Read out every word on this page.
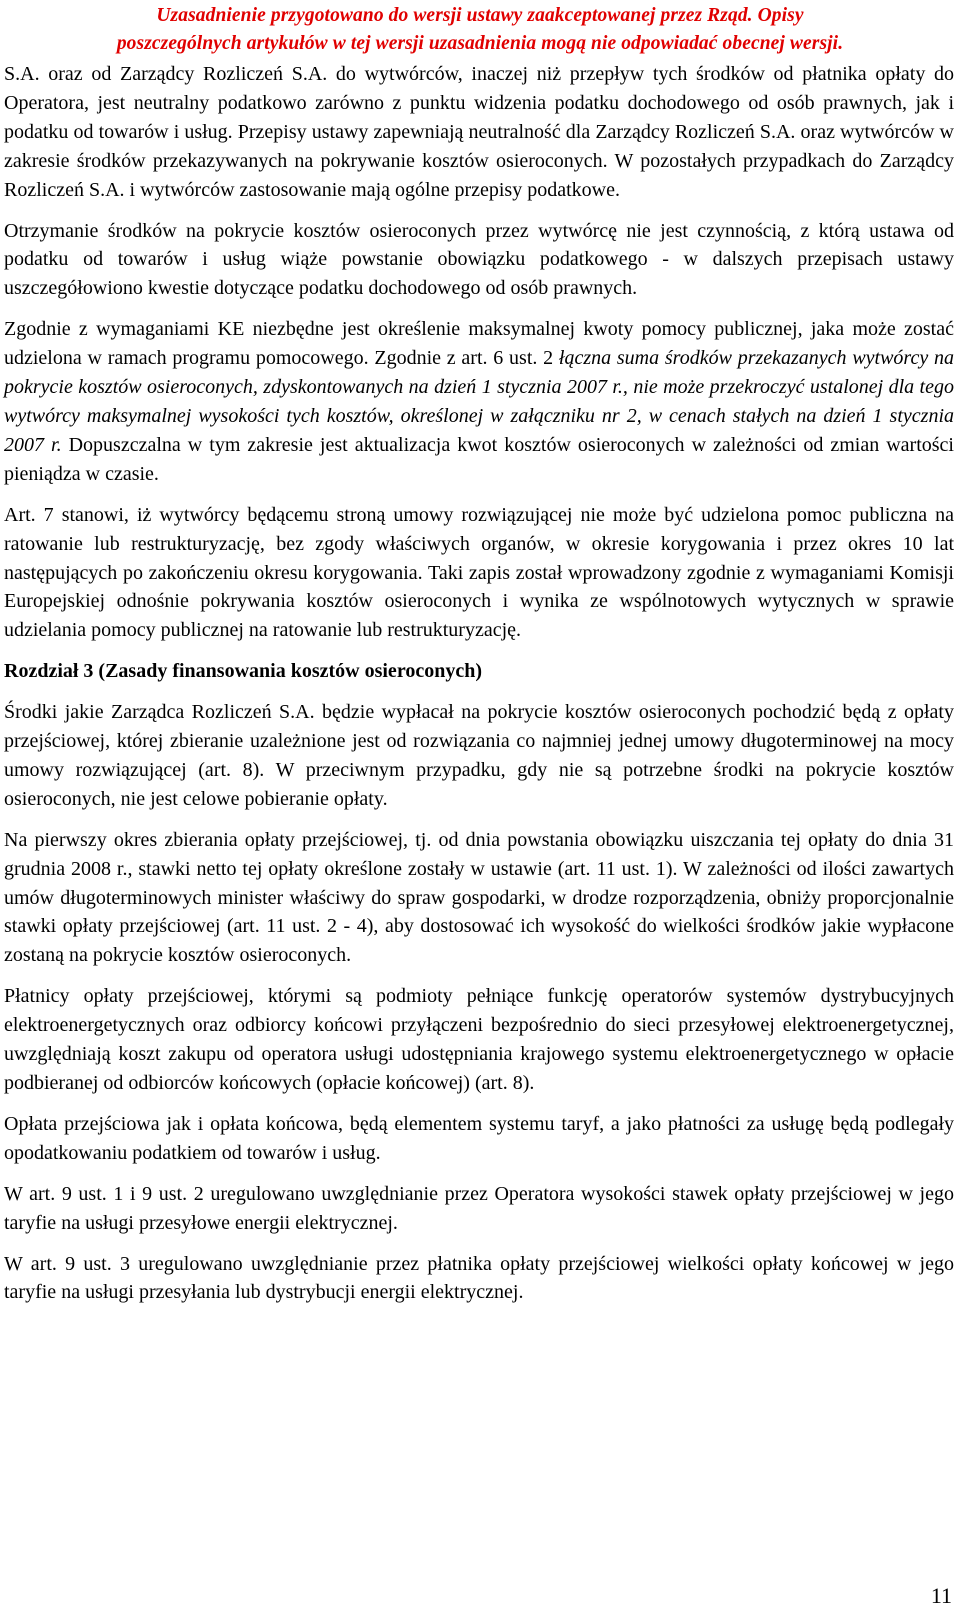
Uzasadnienie przygotowano do wersji ustawy zaakceptowanej przez Rząd. Opisy
poszczególnych artykułów w tej wersji uzasadnienia mogą nie odpowiadać obecnej wersji.

S.A. oraz od Zarządcy Rozliczeń S.A. do wytwórców, inaczej niż przepływ tych środków od płatnika opłaty do Operatora, jest neutralny podatkowo zarówno z punktu widzenia podatku dochodowego od osób prawnych, jak i podatku od towarów i usług. Przepisy ustawy zapewniają neutralność dla Zarządcy Rozliczeń S.A. oraz wytwórców w zakresie środków przekazywanych na pokrywanie kosztów osieroconych. W pozostałych przypadkach do Zarządcy Rozliczeń S.A. i wytwórców zastosowanie mają ogólne przepisy podatkowe.

Otrzymanie środków na pokrycie kosztów osieroconych przez wytwórcę nie jest czynnością, z którą ustawa od podatku od towarów i usług wiąże powstanie obowiązku podatkowego - w dalszych przepisach ustawy uszczegółowiono kwestie dotyczące podatku dochodowego od osób prawnych.

Zgodnie z wymaganiami KE niezbędne jest określenie maksymalnej kwoty pomocy publicznej, jaka może zostać udzielona w ramach programu pomocowego. Zgodnie z art. 6 ust. 2 łączna suma środków przekazanych wytwórcy na pokrycie kosztów osieroconych, zdyskontowanych na dzień 1 stycznia 2007 r., nie może przekroczyć ustalonej dla tego wytwórcy maksymalnej wysokości tych kosztów, określonej w załączniku nr 2, w cenach stałych na dzień 1 stycznia 2007 r. Dopuszczalna w tym zakresie jest aktualizacja kwot kosztów osieroconych w zależności od zmian wartości pieniądza w czasie.

Art. 7 stanowi, iż wytwórcy będącemu stroną umowy rozwiązującej nie może być udzielona pomoc publiczna na ratowanie lub restrukturyzację, bez zgody właściwych organów, w okresie korygowania i przez okres 10 lat następujących po zakończeniu okresu korygowania. Taki zapis został wprowadzony zgodnie z wymaganiami Komisji Europejskiej odnośnie pokrywania kosztów osieroconych i wynika ze wspólnotowych wytycznych w sprawie udzielania pomocy publicznej na ratowanie lub restrukturyzację.

Rozdział 3 (Zasady finansowania kosztów osieroconych)

Środki jakie Zarządca Rozliczeń S.A. będzie wypłacał na pokrycie kosztów osieroconych pochodzić będą z opłaty przejściowej, której zbieranie uzależnione jest od rozwiązania co najmniej jednej umowy długoterminowej na mocy umowy rozwiązującej (art. 8). W przeciwnym przypadku, gdy nie są potrzebne środki na pokrycie kosztów osieroconych, nie jest celowe pobieranie opłaty.

Na pierwszy okres zbierania opłaty przejściowej, tj. od dnia powstania obowiązku uiszczania tej opłaty do dnia 31 grudnia 2008 r., stawki netto tej opłaty określone zostały w ustawie (art. 11 ust. 1). W zależności od ilości zawartych umów długoterminowych minister właściwy do spraw gospodarki, w drodze rozporządzenia, obniży proporcjonalnie stawki opłaty przejściowej (art. 11 ust. 2 - 4), aby dostosować ich wysokość do wielkości środków jakie wypłacone zostaną na pokrycie kosztów osieroconych.

Płatnicy opłaty przejściowej, którymi są podmioty pełniące funkcję operatorów systemów dystrybucyjnych elektroenergetycznych oraz odbiorcy końcowi przyłączeni bezpośrednio do sieci przesyłowej elektroenergetycznej, uwzględniają koszt zakupu od operatora usługi udostępniania krajowego systemu elektroenergetycznego w opłacie podbieranej od odbiorców końcowych (opłacie końcowej) (art. 8).

Opłata przejściowa jak i opłata końcowa, będą elementem systemu taryf, a jako płatności za usługę będą podlegały opodatkowaniu podatkiem od towarów i usług.

W art. 9 ust. 1 i 9 ust. 2 uregulowano uwzględnianie przez Operatora wysokości stawek opłaty przejściowej w jego taryfie na usługi przesyłowe energii elektrycznej.

W art. 9 ust. 3 uregulowano uwzględnianie przez płatnika opłaty przejściowej wielkości opłaty końcowej w jego taryfie na usługi przesyłania lub dystrybucji energii elektrycznej.

11
